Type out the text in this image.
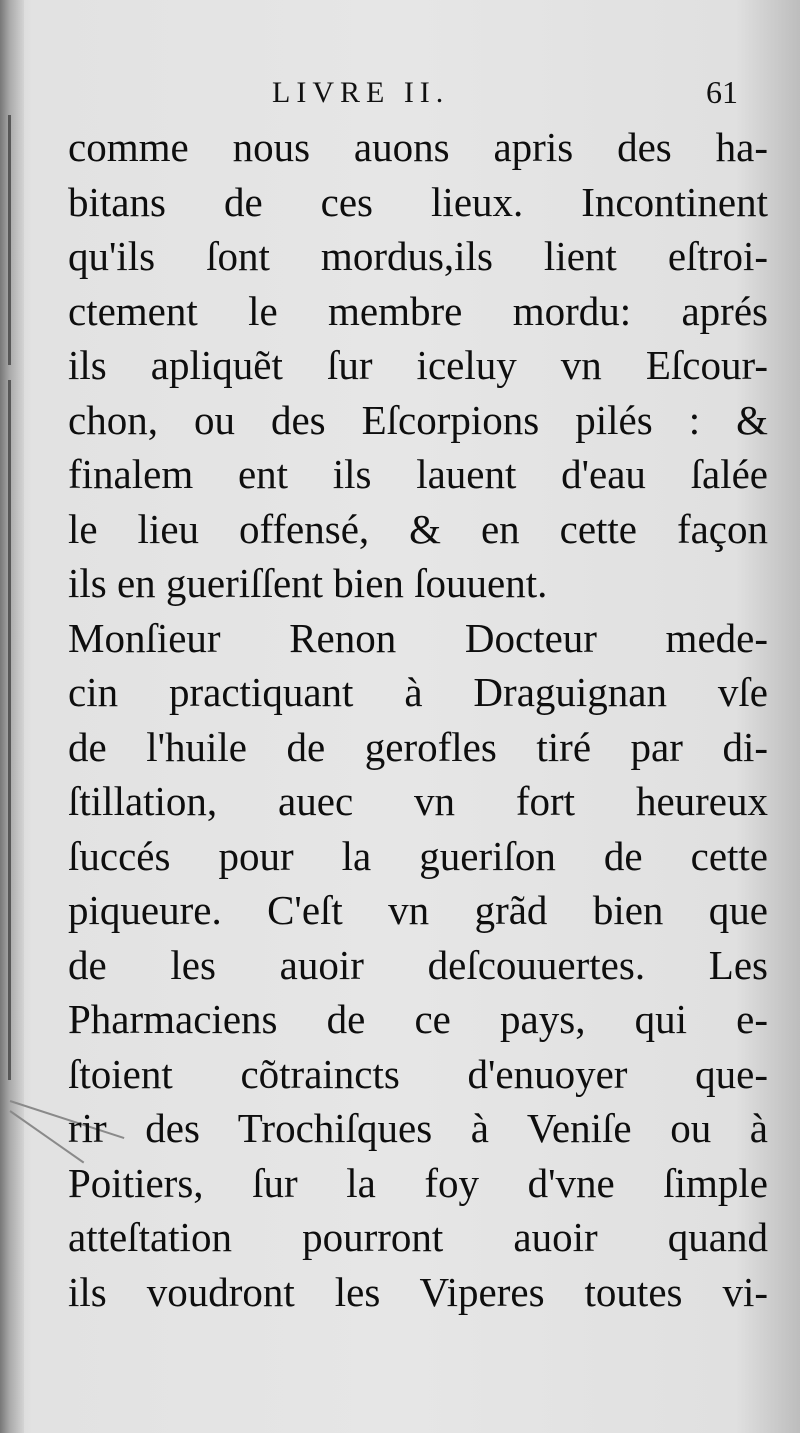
LIVRE II.	61
comme nous auons apris des ha-
bitans de ces lieux. Incontinent
qu'ils ſont mordus,ils lient eſtroi-
ctement le membre mordu: aprés
ils apliquẽt ſur iceluy vn Eſcour-
chon, ou des Eſcorpions pilés : &
finalem ent ils lauent d'eau ſalée
le lieu offensé, & en cette façon
ils en gueriſſent bien ſouuent.
Monſieur Renon Docteur mede-
cin practiquant à Draguignan vſe
de l'huile de gerofles tiré par di-
ſtillation, auec vn fort heureux
ſuccés pour la gueriſon de cette
piqueure. C'eſt vn grãd bien que
de les auoir deſcouuertes. Les
Pharmaciens de ce pays, qui e-
ſtoient cõtraincts d'enuoyer que-
rir des Trochiſques à Veniſe ou à
Poitiers, ſur la foy d'vne ſimple
atteſtation pourront auoir quand
ils voudront les Viperes toutes vi-
